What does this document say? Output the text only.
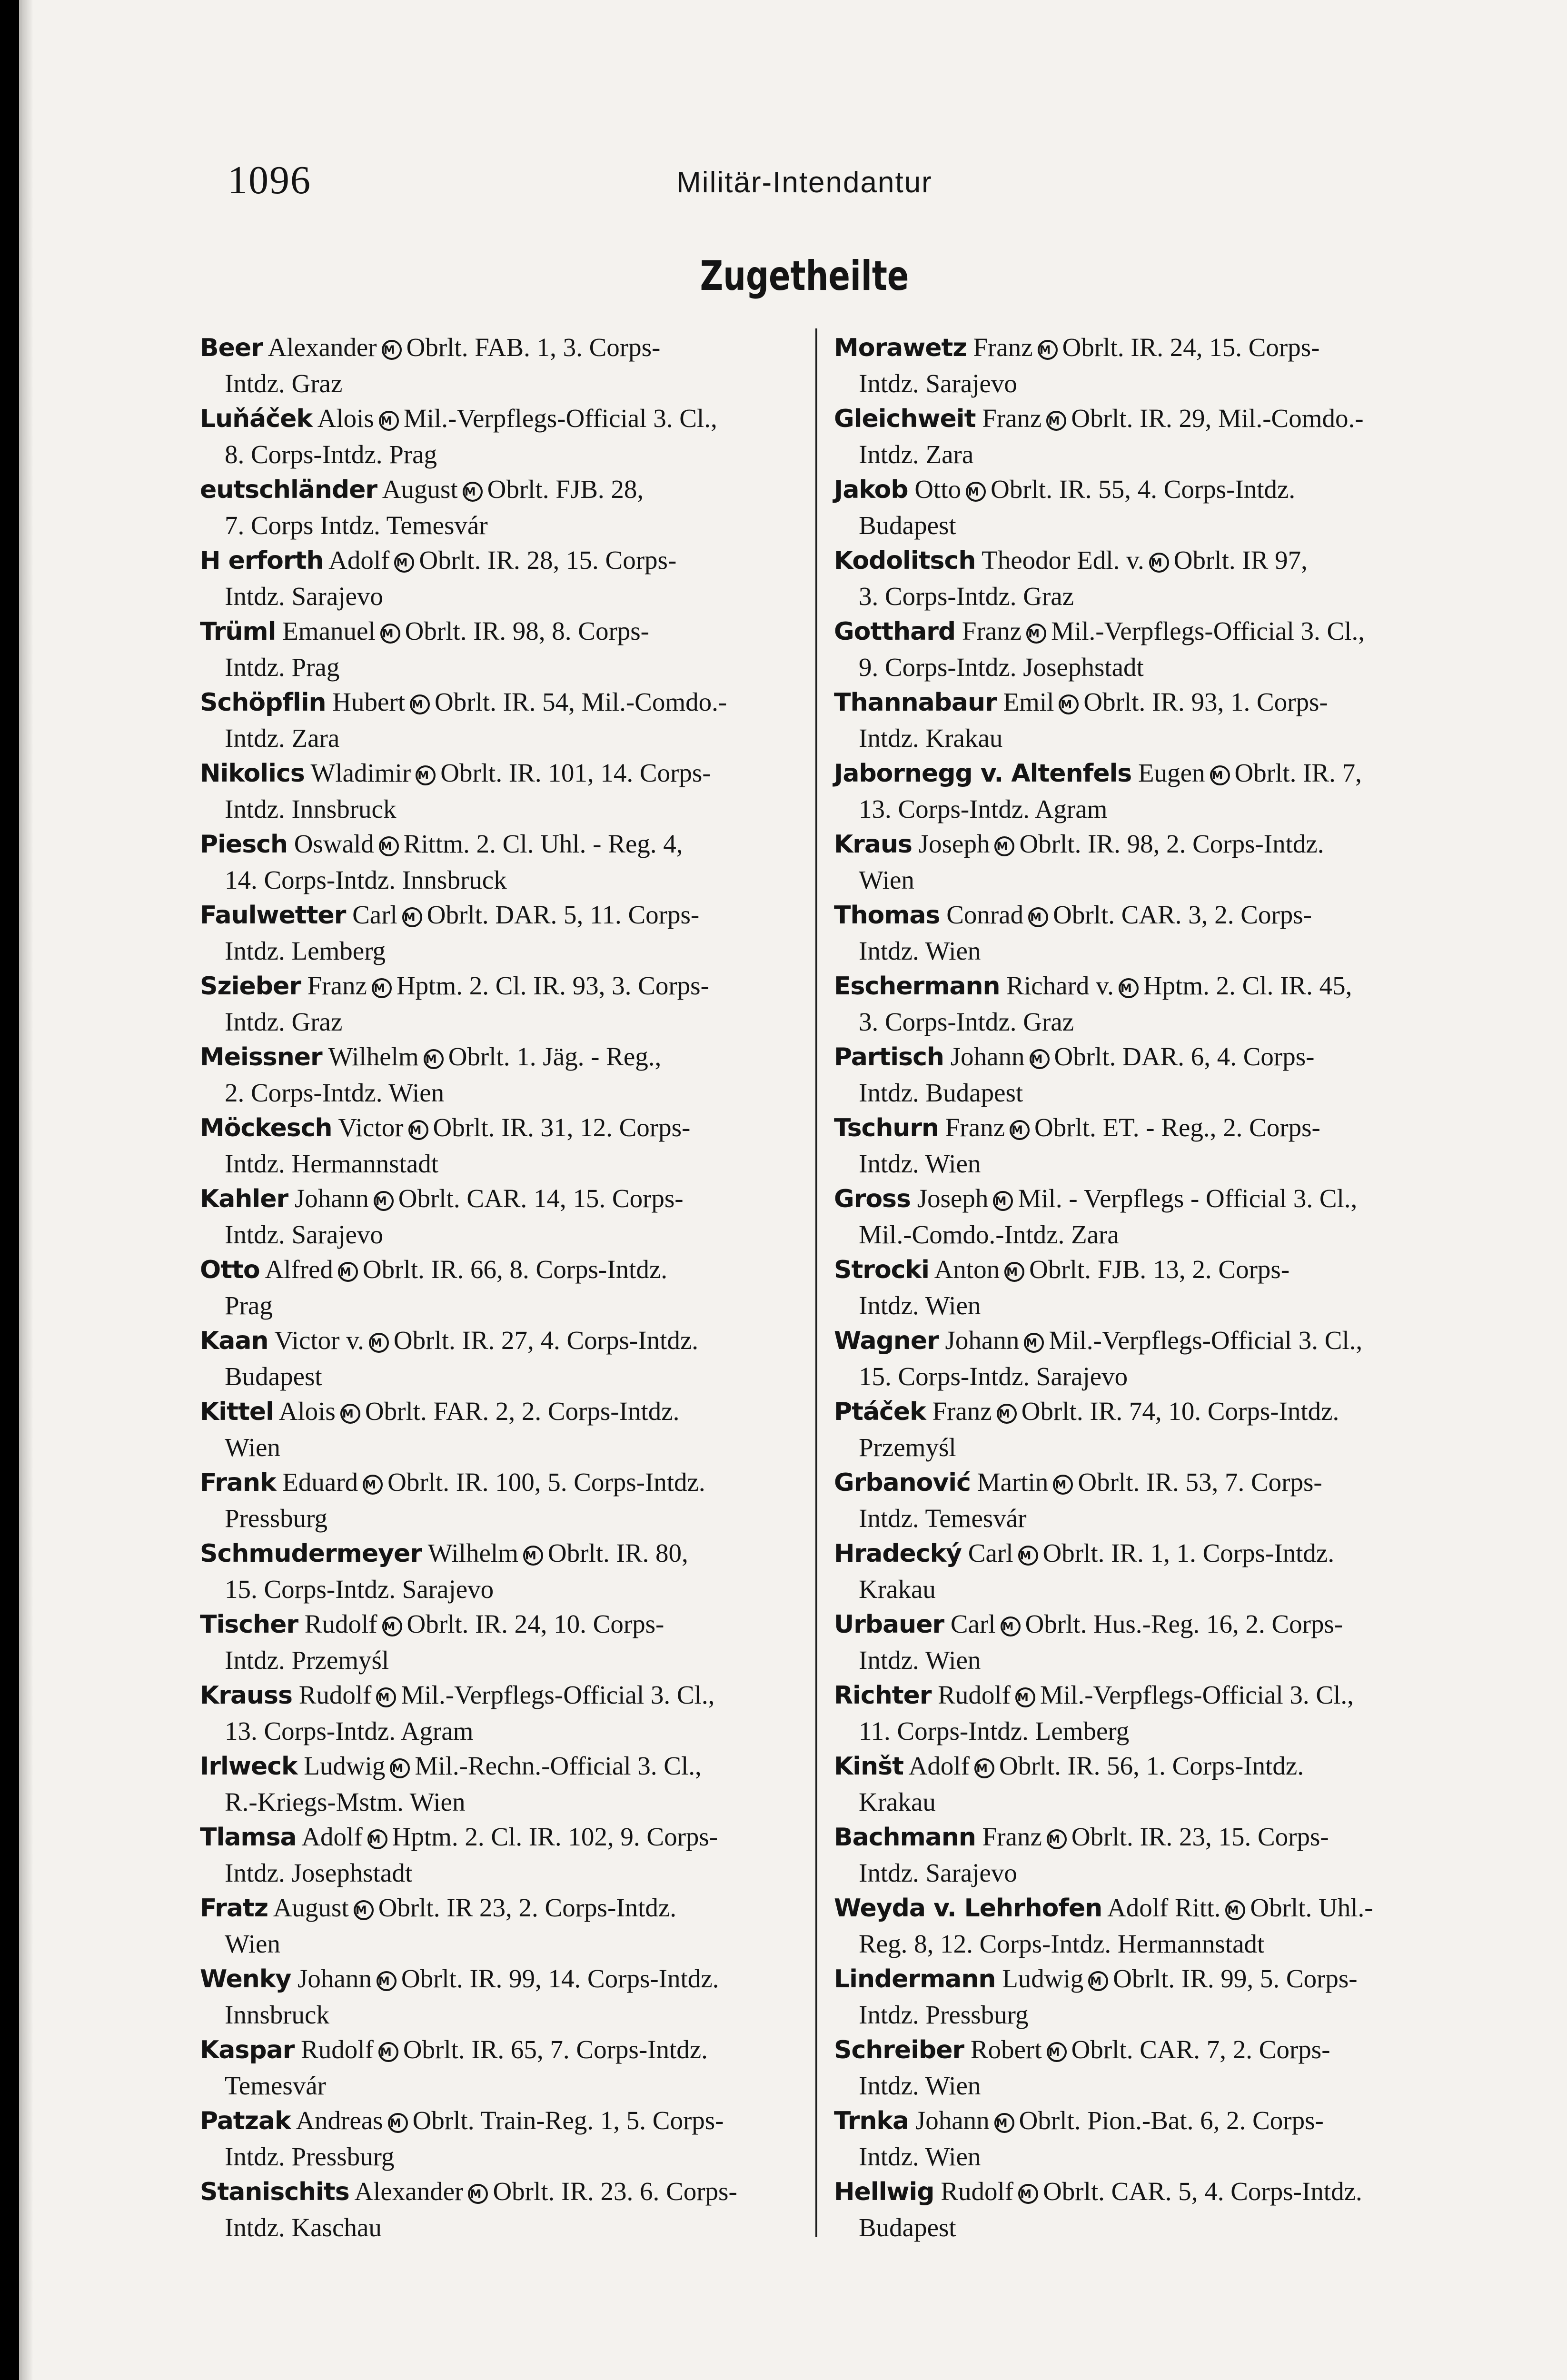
1096	Militär-Intendantur
Zugetheilte
Beer Alexander M Obrlt. FAB. 1, 3. Corps-
Intdz. Graz
Luňáček Alois M Mil.-Verpflegs-Official 3. Cl.,
8. Corps-Intdz. Prag
eutschländer August M Obrlt. FJB. 28,
7. Corps Intdz. Temesvár
H erforth Adolf M Obrlt. IR. 28, 15. Corps-
Intdz. Sarajevo
Trüml Emanuel M Obrlt. IR. 98, 8. Corps-
Intdz. Prag
Schöpflin Hubert M Obrlt. IR. 54, Mil.-Comdo.-
Intdz. Zara
Nikolics Wladimir M Obrlt. IR. 101, 14. Corps-
Intdz. Innsbruck
Piesch Oswald M Rittm. 2. Cl. Uhl. - Reg. 4,
14. Corps-Intdz. Innsbruck
Faulwetter Carl M Obrlt. DAR. 5, 11. Corps-
Intdz. Lemberg
Szieber Franz M Hptm. 2. Cl. IR. 93, 3. Corps-
Intdz. Graz
Meissner Wilhelm M Obrlt. 1. Jäg. - Reg.,
2. Corps-Intdz. Wien
Möckesch Victor M Obrlt. IR. 31, 12. Corps-
Intdz. Hermannstadt
Kahler Johann M Obrlt. CAR. 14, 15. Corps-
Intdz. Sarajevo
Otto Alfred M Obrlt. IR. 66, 8. Corps-Intdz.
Prag
Kaan Victor v. M Obrlt. IR. 27, 4. Corps-Intdz.
Budapest
Kittel Alois M Obrlt. FAR. 2, 2. Corps-Intdz.
Wien
Frank Eduard M Obrlt. IR. 100, 5. Corps-Intdz.
Pressburg
Schmudermeyer Wilhelm M Obrlt. IR. 80,
15. Corps-Intdz. Sarajevo
Tischer Rudolf M Obrlt. IR. 24, 10. Corps-
Intdz. Przemyśl
Krauss Rudolf M Mil.-Verpflegs-Official 3. Cl.,
13. Corps-Intdz. Agram
Irlweck Ludwig M Mil.-Rechn.-Official 3. Cl.,
R.-Kriegs-Mstm. Wien
Tlamsa Adolf M Hptm. 2. Cl. IR. 102, 9. Corps-
Intdz. Josephstadt
Fratz August M Obrlt. IR 23, 2. Corps-Intdz.
Wien
Wenky Johann M Obrlt. IR. 99, 14. Corps-Intdz.
Innsbruck
Kaspar Rudolf M Obrlt. IR. 65, 7. Corps-Intdz.
Temesvár
Patzak Andreas M Obrlt. Train-Reg. 1, 5. Corps-
Intdz. Pressburg
Stanischits Alexander M Obrlt. IR. 23. 6. Corps-
Intdz. Kaschau
Morawetz Franz M Obrlt. IR. 24, 15. Corps-
Intdz. Sarajevo
Gleichweit Franz M Obrlt. IR. 29, Mil.-Comdo.-
Intdz. Zara
Jakob Otto M Obrlt. IR. 55, 4. Corps-Intdz.
Budapest
Kodolitsch Theodor Edl. v. M Obrlt. IR 97,
3. Corps-Intdz. Graz
Gotthard Franz M Mil.-Verpflegs-Official 3. Cl.,
9. Corps-Intdz. Josephstadt
Thannabaur Emil M Obrlt. IR. 93, 1. Corps-
Intdz. Krakau
Jabornegg v. Altenfels Eugen M Obrlt. IR. 7,
13. Corps-Intdz. Agram
Kraus Joseph M Obrlt. IR. 98, 2. Corps-Intdz.
Wien
Thomas Conrad M Obrlt. CAR. 3, 2. Corps-
Intdz. Wien
Eschermann Richard v. M Hptm. 2. Cl. IR. 45,
3. Corps-Intdz. Graz
Partisch Johann M Obrlt. DAR. 6, 4. Corps-
Intdz. Budapest
Tschurn Franz M Obrlt. ET. - Reg., 2. Corps-
Intdz. Wien
Gross Joseph M Mil. - Verpflegs - Official 3. Cl.,
Mil.-Comdo.-Intdz. Zara
Strocki Anton M Obrlt. FJB. 13, 2. Corps-
Intdz. Wien
Wagner Johann M Mil.-Verpflegs-Official 3. Cl.,
15. Corps-Intdz. Sarajevo
Ptáček Franz M Obrlt. IR. 74, 10. Corps-Intdz.
Przemyśl
Grbanović Martin M Obrlt. IR. 53, 7. Corps-
Intdz. Temesvár
Hradecký Carl M Obrlt. IR. 1, 1. Corps-Intdz.
Krakau
Urbauer Carl M Obrlt. Hus.-Reg. 16, 2. Corps-
Intdz. Wien
Richter Rudolf M Mil.-Verpflegs-Official 3. Cl.,
11. Corps-Intdz. Lemberg
Kinšt Adolf M Obrlt. IR. 56, 1. Corps-Intdz.
Krakau
Bachmann Franz M Obrlt. IR. 23, 15. Corps-
Intdz. Sarajevo
Weyda v. Lehrhofen Adolf Ritt. M Obrlt. Uhl.-
Reg. 8, 12. Corps-Intdz. Hermannstadt
Lindermann Ludwig M Obrlt. IR. 99, 5. Corps-
Intdz. Pressburg
Schreiber Robert M Obrlt. CAR. 7, 2. Corps-
Intdz. Wien
Trnka Johann M Obrlt. Pion.-Bat. 6, 2. Corps-
Intdz. Wien
Hellwig Rudolf M Obrlt. CAR. 5, 4. Corps-Intdz.
Budapest
